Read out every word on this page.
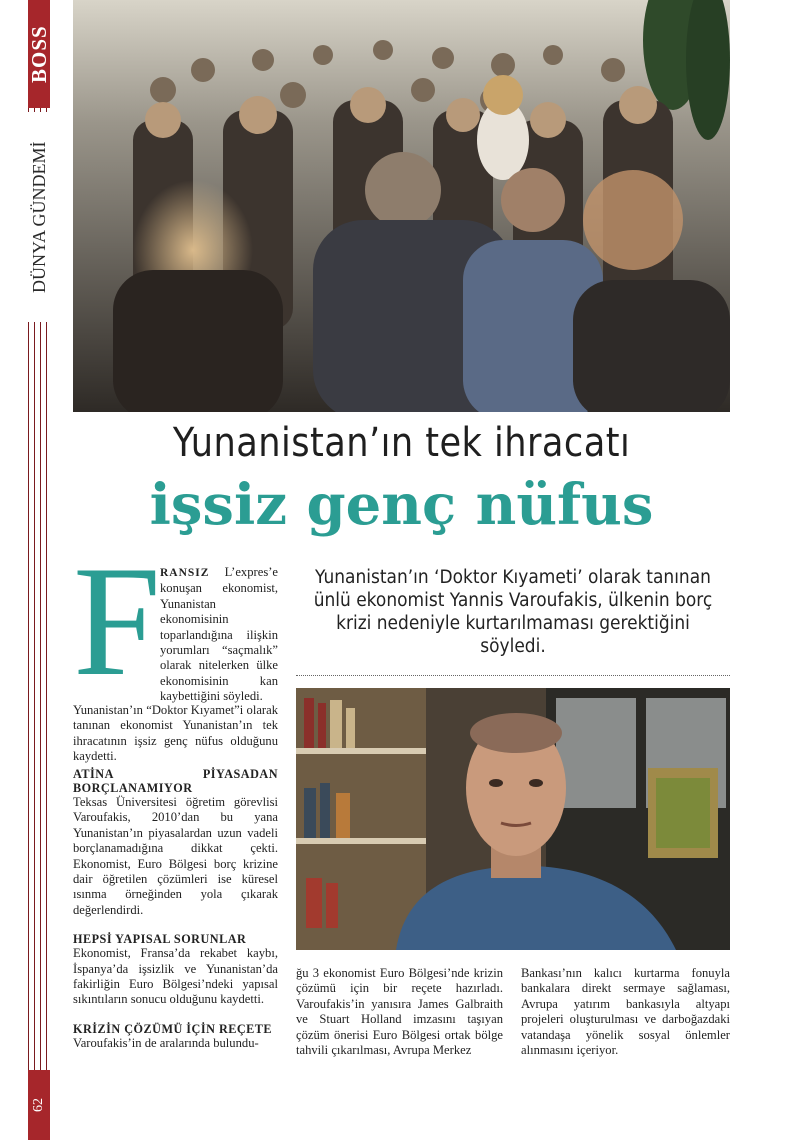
BOSS
DÜNYA GÜNDEMİ
62
Yunanistan’ın tek ihracatı
işsiz genç nüfus
F RANSIZ L’expres’e konuşan ekonomist, Yunanistan ekonomisinin toparlandığına ilişkin yorumları “saçmalık” olarak nitelerken ülke ekonomisinin kan kaybettiğini söyledi.

Yunanistan’ın “Doktor Kıyamet”i olarak tanınan ekonomist Yunanistan’ın tek ihracatının işsiz genç nüfus olduğunu kaydetti.

ATİNA PİYASADAN BORÇLANAMIYOR

Teksas Üniversitesi öğretim görevlisi Varoufakis, 2010’dan bu yana Yunanistan’ın piyasalardan uzun vadeli borçlanamadığına dikkat çekti. Ekonomist, Euro Bölgesi borç krizine dair öğretilen çözümleri ise küresel ısınma örneğinden yola çıkarak değerlendirdi.

HEPSİ YAPISAL SORUNLAR

Ekonomist, Fransa’da rekabet kaybı, İspanya’da işsizlik ve Yunanistan’da fakirliğin Euro Bölgesi’ndeki yapısal sıkıntıların sonucu olduğunu kaydetti.

KRİZİN ÇÖZÜMÜ İÇİN REÇETE

Varoufakis’in de aralarında bulundu-

Yunanistan’ın ‘Doktor Kıyameti’ olarak tanınan ünlü ekonomist Yannis Varoufakis, ülkenin borç krizi nedeniyle kurtarılmaması gerektiğini söyledi.

ğu 3 ekonomist Euro Bölgesi’nde krizin çözümü için bir reçete hazırladı. Varoufakis’in yanısıra James Galbraith ve Stuart Holland imzasını taşıyan çözüm önerisi Euro Bölgesi ortak bölge tahvili çıkarılması, Avrupa Merkez

Bankası’nın kalıcı kurtarma fonuyla bankalara direkt sermaye sağlaması, Avrupa yatırım bankasıyla altyapı projeleri oluşturulması ve darboğazdaki vatandaşa yönelik sosyal önlemler alınmasını içeriyor.
